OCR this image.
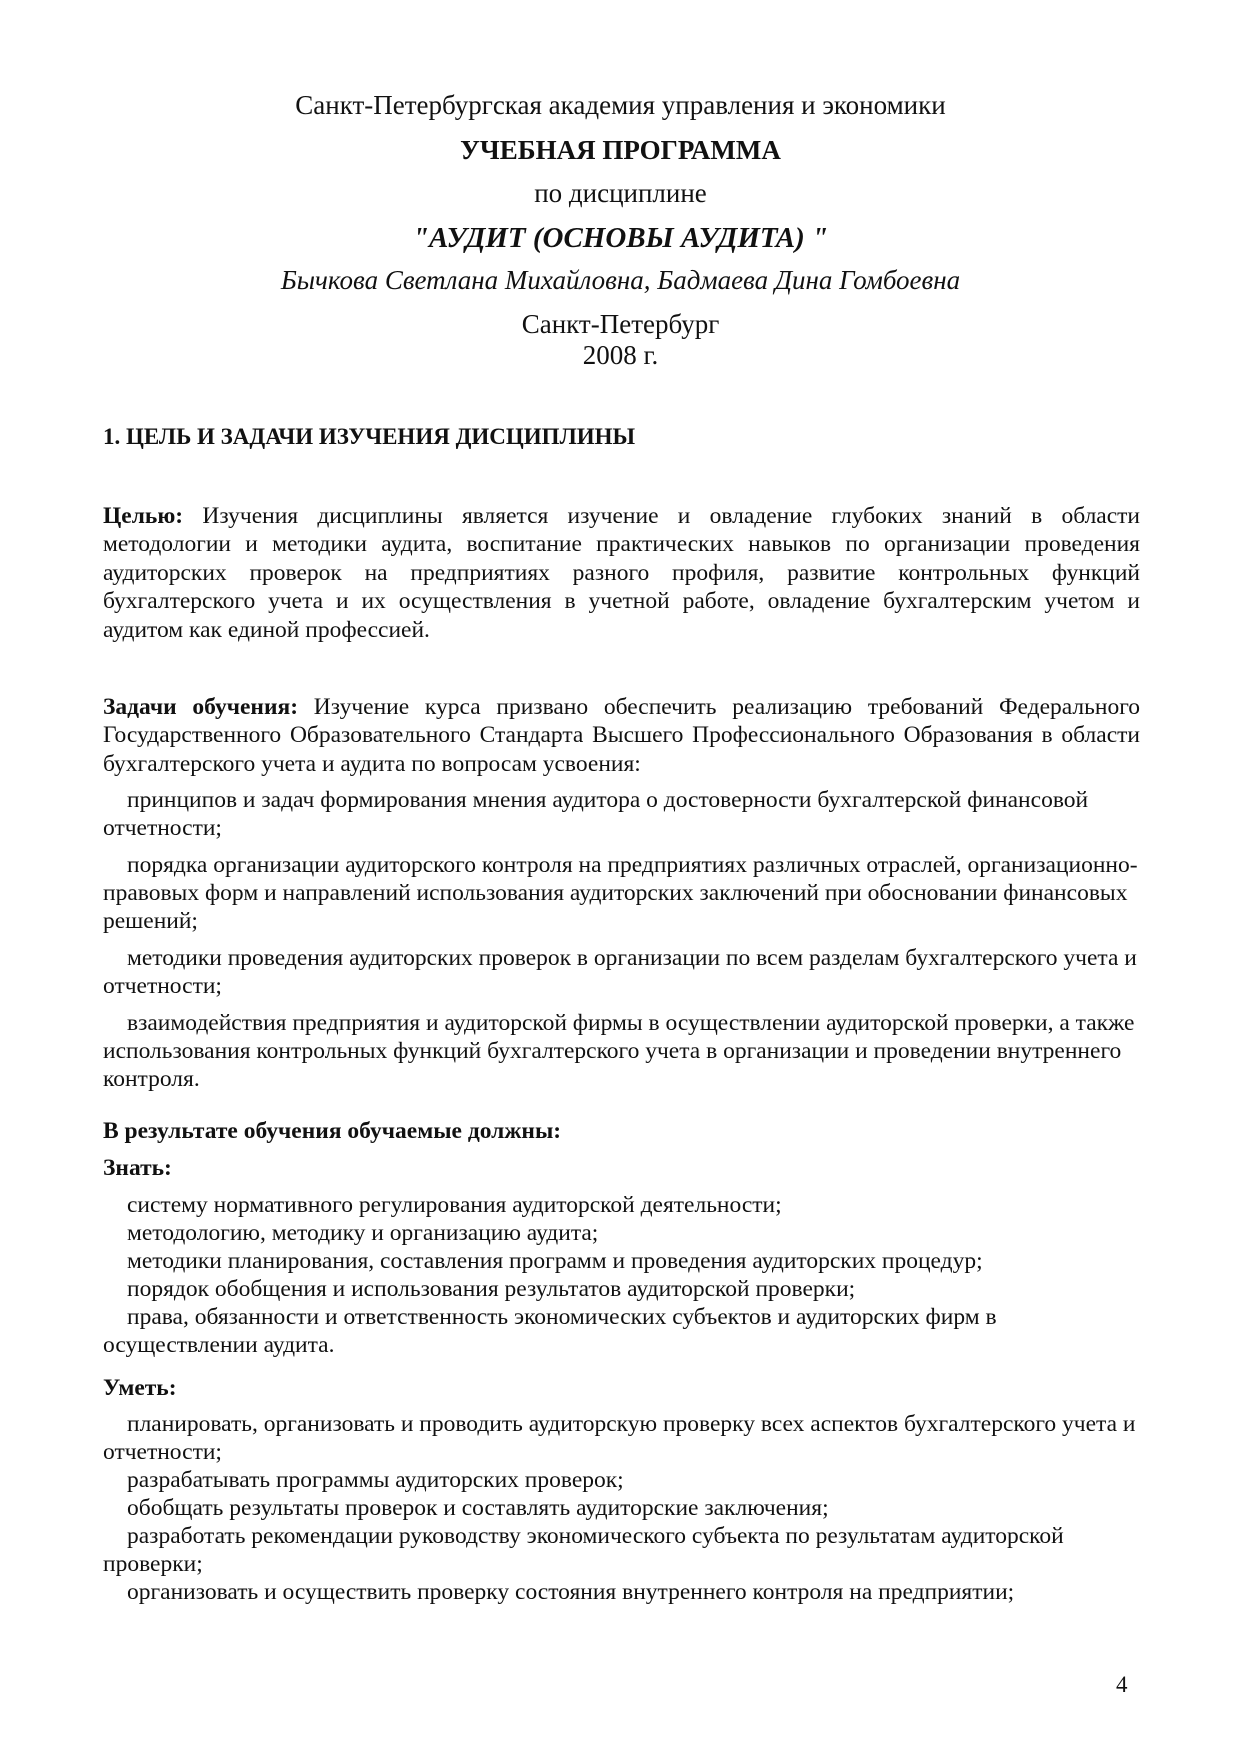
Санкт-Петербургская академия управления и экономики

УЧЕБНАЯ ПРОГРАММА

по дисциплине

"АУДИТ (ОСНОВЫ АУДИТА) "

Бычкова Светлана Михайловна, Бадмаева Дина Гомбоевна

Санкт-Петербург

2008 г.

1. ЦЕЛЬ И ЗАДАЧИ ИЗУЧЕНИЯ ДИСЦИПЛИНЫ

Целью: Изучения дисциплины является изучение и овладение глубоких знаний в области методологии и методики аудита, воспитание практических навыков по организации проведения аудиторских проверок на предприятиях разного профиля, развитие контрольных функций бухгалтерского учета и их осуществления в учетной работе, овладение бухгалтерским учетом и аудитом как единой профессией.

Задачи обучения: Изучение курса призвано обеспечить реализацию требований Федерального Государственного Образовательного Стандарта Высшего Профессионального Образования в области бухгалтерского учета и аудита по вопросам усвоения:

принципов и задач формирования мнения аудитора о достоверности бухгалтерской финансовой отчетности;

порядка организации аудиторского контроля на предприятиях различных отраслей, организационно-правовых форм и направлений использования аудиторских заключений при обосновании финансовых решений;

методики проведения аудиторских проверок в организации по всем разделам бухгалтерского учета и отчетности;

взаимодействия предприятия и аудиторской фирмы в осуществлении аудиторской проверки, а также использования контрольных функций бухгалтерского учета в организации и проведении внутреннего контроля.

В результате обучения обучаемые должны:

Знать:

систему нормативного регулирования аудиторской деятельности;

методологию, методику и организацию аудита;

методики планирования, составления программ и проведения аудиторских процедур;

порядок обобщения и использования результатов аудиторской проверки;

права, обязанности и ответственность экономических субъектов и аудиторских фирм в осуществлении аудита.

Уметь:

планировать, организовать и проводить аудиторскую проверку всех аспектов бухгалтерского учета и отчетности;

разрабатывать программы аудиторских проверок;

обобщать результаты проверок и составлять аудиторские заключения;

разработать рекомендации руководству экономического субъекта по результатам аудиторской проверки;

организовать и осуществить проверку состояния внутреннего контроля на предприятии;

4
